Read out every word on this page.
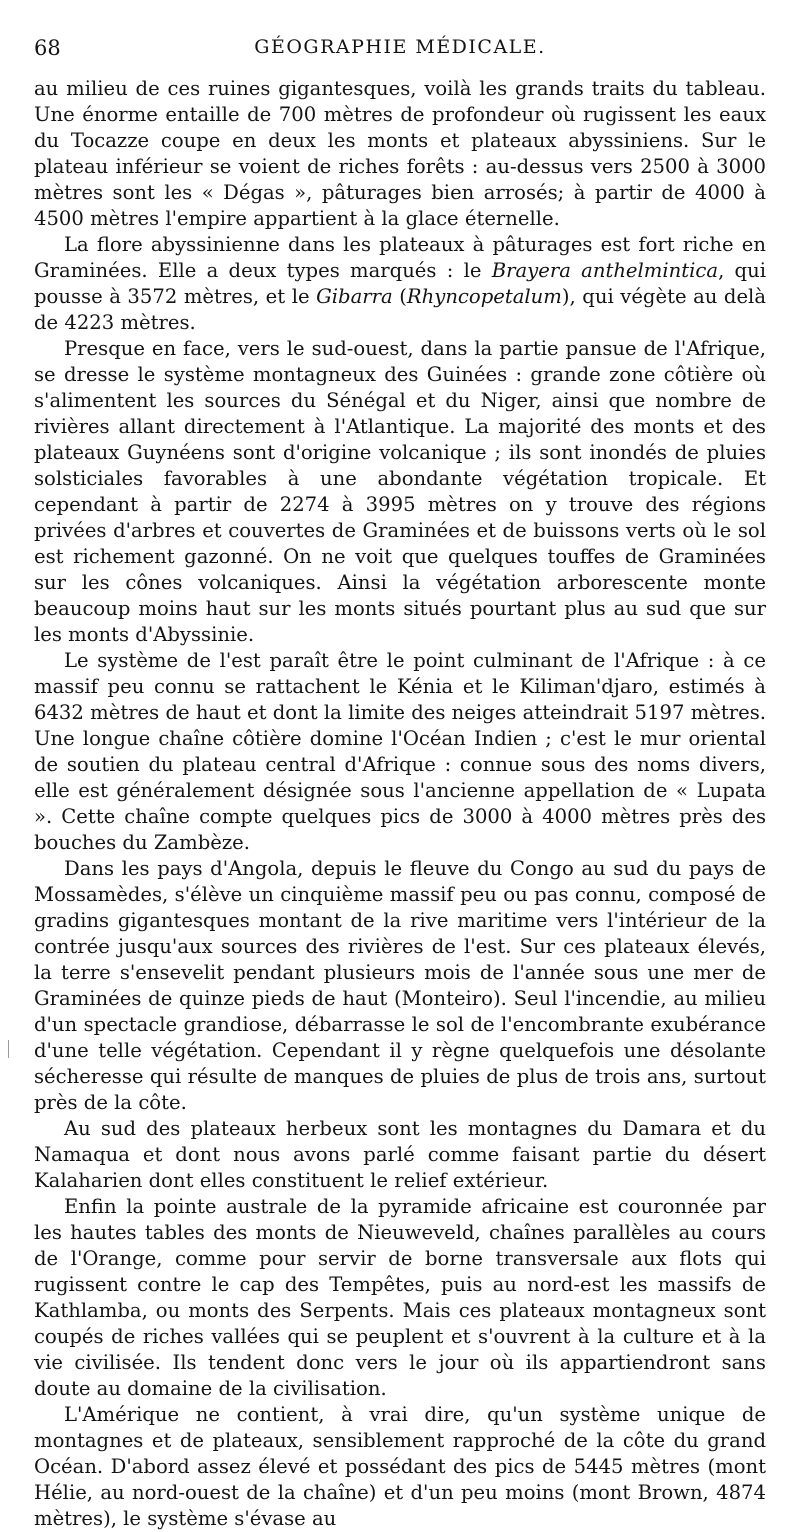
68	GÉOGRAPHIE MÉDICALE.

au milieu de ces ruines gigantesques, voilà les grands traits du tableau. Une énorme entaille de 700 mètres de profondeur où rugissent les eaux du Tocazze coupe en deux les monts et plateaux abyssiniens. Sur le plateau inférieur se voient de riches forêts : au-dessus vers 2500 à 3000 mètres sont les « Dégas », pâturages bien arrosés; à partir de 4000 à 4500 mètres l'empire appartient à la glace éternelle.

La flore abyssinienne dans les plateaux à pâturages est fort riche en Graminées. Elle a deux types marqués : le Brayera anthelmintica, qui pousse à 3572 mètres, et le Gibarra (Rhyncopetalum), qui végète au delà de 4223 mètres.

Presque en face, vers le sud-ouest, dans la partie pansue de l'Afrique, se dresse le système montagneux des Guinées : grande zone côtière où s'alimentent les sources du Sénégal et du Niger, ainsi que nombre de rivières allant directement à l'Atlantique. La majorité des monts et des plateaux Guynéens sont d'origine volcanique ; ils sont inondés de pluies solsticiales favorables à une abondante végétation tropicale. Et cependant à partir de 2274 à 3995 mètres on y trouve des régions privées d'arbres et couvertes de Graminées et de buissons verts où le sol est richement gazonné. On ne voit que quelques touffes de Graminées sur les cônes volcaniques. Ainsi la végétation arborescente monte beaucoup moins haut sur les monts situés pourtant plus au sud que sur les monts d'Abyssinie.

Le système de l'est paraît être le point culminant de l'Afrique : à ce massif peu connu se rattachent le Kénia et le Kiliman'djaro, estimés à 6432 mètres de haut et dont la limite des neiges atteindrait 5197 mètres. Une longue chaîne côtière domine l'Océan Indien ; c'est le mur oriental de soutien du plateau central d'Afrique : connue sous des noms divers, elle est généralement désignée sous l'ancienne appellation de « Lupata ». Cette chaîne compte quelques pics de 3000 à 4000 mètres près des bouches du Zambèze.

Dans les pays d'Angola, depuis le fleuve du Congo au sud du pays de Mossamèdes, s'élève un cinquième massif peu ou pas connu, composé de gradins gigantesques montant de la rive maritime vers l'intérieur de la contrée jusqu'aux sources des rivières de l'est. Sur ces plateaux élevés, la terre s'ensevelit pendant plusieurs mois de l'année sous une mer de Graminées de quinze pieds de haut (Monteiro). Seul l'incendie, au milieu d'un spectacle grandiose, débarrasse le sol de l'encombrante exubérance d'une telle végétation. Cependant il y règne quelquefois une désolante sécheresse qui résulte de manques de pluies de plus de trois ans, surtout près de la côte.

Au sud des plateaux herbeux sont les montagnes du Damara et du Namaqua et dont nous avons parlé comme faisant partie du désert Kalaharien dont elles constituent le relief extérieur.

Enfin la pointe australe de la pyramide africaine est couronnée par les hautes tables des monts de Nieuweveld, chaînes parallèles au cours de l'Orange, comme pour servir de borne transversale aux flots qui rugissent contre le cap des Tempêtes, puis au nord-est les massifs de Kathlamba, ou monts des Serpents. Mais ces plateaux montagneux sont coupés de riches vallées qui se peuplent et s'ouvrent à la culture et à la vie civilisée. Ils tendent donc vers le jour où ils appartiendront sans doute au domaine de la civilisation.

L'Amérique ne contient, à vrai dire, qu'un système unique de montagnes et de plateaux, sensiblement rapproché de la côte du grand Océan. D'abord assez élevé et possédant des pics de 5445 mètres (mont Hélie, au nord-ouest de la chaîne) et d'un peu moins (mont Brown, 4874 mètres), le système s'évase au
